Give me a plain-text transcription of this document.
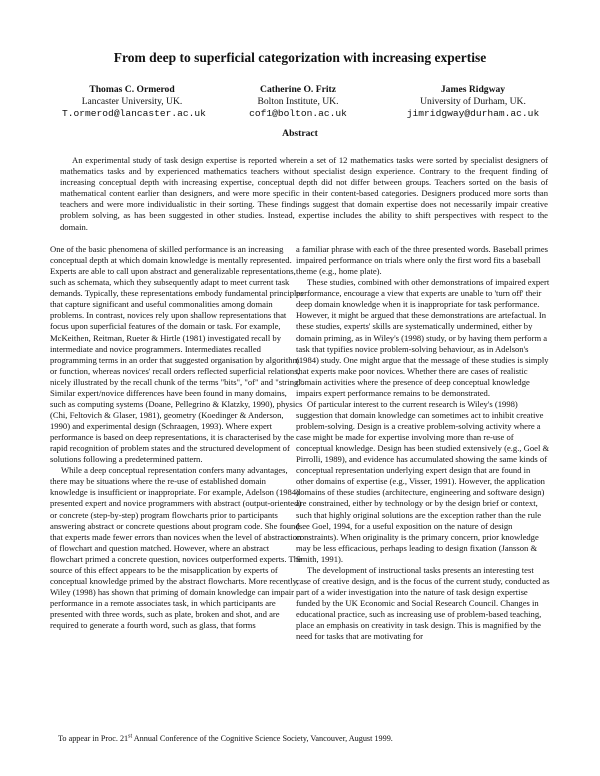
From deep to superficial categorization with increasing expertise
Thomas C. Ormerod
Lancaster University, UK.
T.ormerod@lancaster.ac.uk
Catherine O. Fritz
Bolton Institute, UK.
cof1@bolton.ac.uk
James Ridgway
University of Durham, UK.
jimridgway@durham.ac.uk
Abstract

An experimental study of task design expertise is reported wherein a set of 12 mathematics tasks were sorted by specialist designers of mathematics tasks and by experienced mathematics teachers without specialist design experience. Contrary to the frequent finding of increasing conceptual depth with increasing expertise, conceptual depth did not differ between groups. Teachers sorted on the basis of mathematical content earlier than designers, and were more specific in their content-based categories. Designers produced more sorts than teachers and were more individualistic in their sorting. These findings suggest that domain expertise does not necessarily impair creative problem solving, as has been suggested in other studies. Instead, expertise includes the ability to shift perspectives with respect to the domain.

One of the basic phenomena of skilled performance is an increasing conceptual depth at which domain knowledge is mentally represented. Experts are able to call upon abstract and generalizable representations, such as schemata, which they subsequently adapt to meet current task demands. Typically, these representations embody fundamental principles that capture significant and useful commonalities among domain problems. In contrast, novices rely upon shallow representations that focus upon superficial features of the domain or task. For example, McKeithen, Reitman, Rueter & Hirtle (1981) investigated recall by intermediate and novice programmers. Intermediates recalled programming terms in an order that suggested organisation by algorithm or function, whereas novices' recall orders reflected superficial relations, nicely illustrated by the recall chunk of the terms "bits", "of" and "string". Similar expert/novice differences have been found in many domains, such as computing systems (Doane, Pellegrino & Klatzky, 1990), physics (Chi, Feltovich & Glaser, 1981), geometry (Koedinger & Anderson, 1990) and experimental design (Schraagen, 1993). Where expert performance is based on deep representations, it is characterised by the rapid recognition of problem states and the structured development of solutions following a predetermined pattern.

While a deep conceptual representation confers many advantages, there may be situations where the re-use of established domain knowledge is insufficient or inappropriate. For example, Adelson (1984) presented expert and novice programmers with abstract (output-oriented) or concrete (step-by-step) program flowcharts prior to participants answering abstract or concrete questions about program code. She found that experts made fewer errors than novices when the level of abstraction of flowchart and question matched. However, where an abstract flowchart primed a concrete question, novices outperformed experts. The source of this effect appears to be the misapplication by experts of conceptual knowledge primed by the abstract flowcharts. More recently, Wiley (1998) has shown that priming of domain knowledge can impair performance in a remote associates task, in which participants are presented with three words, such as plate, broken and shot, and are required to generate a fourth word, such as glass, that forms

a familiar phrase with each of the three presented words. Baseball primes impaired performance on trials where only the first word fits a baseball theme (e.g., home plate).

These studies, combined with other demonstrations of impaired expert performance, encourage a view that experts are unable to 'turn off' their deep domain knowledge when it is inappropriate for task performance. However, it might be argued that these demonstrations are artefactual. In these studies, experts' skills are systematically undermined, either by domain priming, as in Wiley's (1998) study, or by having them perform a task that typifies novice problem-solving behaviour, as in Adelson's (1984) study. One might argue that the message of these studies is simply that experts make poor novices. Whether there are cases of realistic domain activities where the presence of deep conceptual knowledge impairs expert performance remains to be demonstrated.

Of particular interest to the current research is Wiley's (1998) suggestion that domain knowledge can sometimes act to inhibit creative problem-solving. Design is a creative problem-solving activity where a case might be made for expertise involving more than re-use of conceptual knowledge. Design has been studied extensively (e.g., Goel & Pirrolli, 1989), and evidence has accumulated showing the same kinds of conceptual representation underlying expert design that are found in other domains of expertise (e.g., Visser, 1991). However, the application domains of these studies (architecture, engineering and software design) are constrained, either by technology or by the design brief or context, such that highly original solutions are the exception rather than the rule (see Goel, 1994, for a useful exposition on the nature of design constraints). When originality is the primary concern, prior knowledge may be less efficacious, perhaps leading to design fixation (Jansson & Smith, 1991).

The development of instructional tasks presents an interesting test case of creative design, and is the focus of the current study, conducted as part of a wider investigation into the nature of task design expertise funded by the UK Economic and Social Research Council. Changes in educational practice, such as increasing use of problem-based teaching, place an emphasis on creativity in task design. This is magnified by the need for tasks that are motivating for

To appear in Proc. 21st Annual Conference of the Cognitive Science Society, Vancouver, August 1999.
